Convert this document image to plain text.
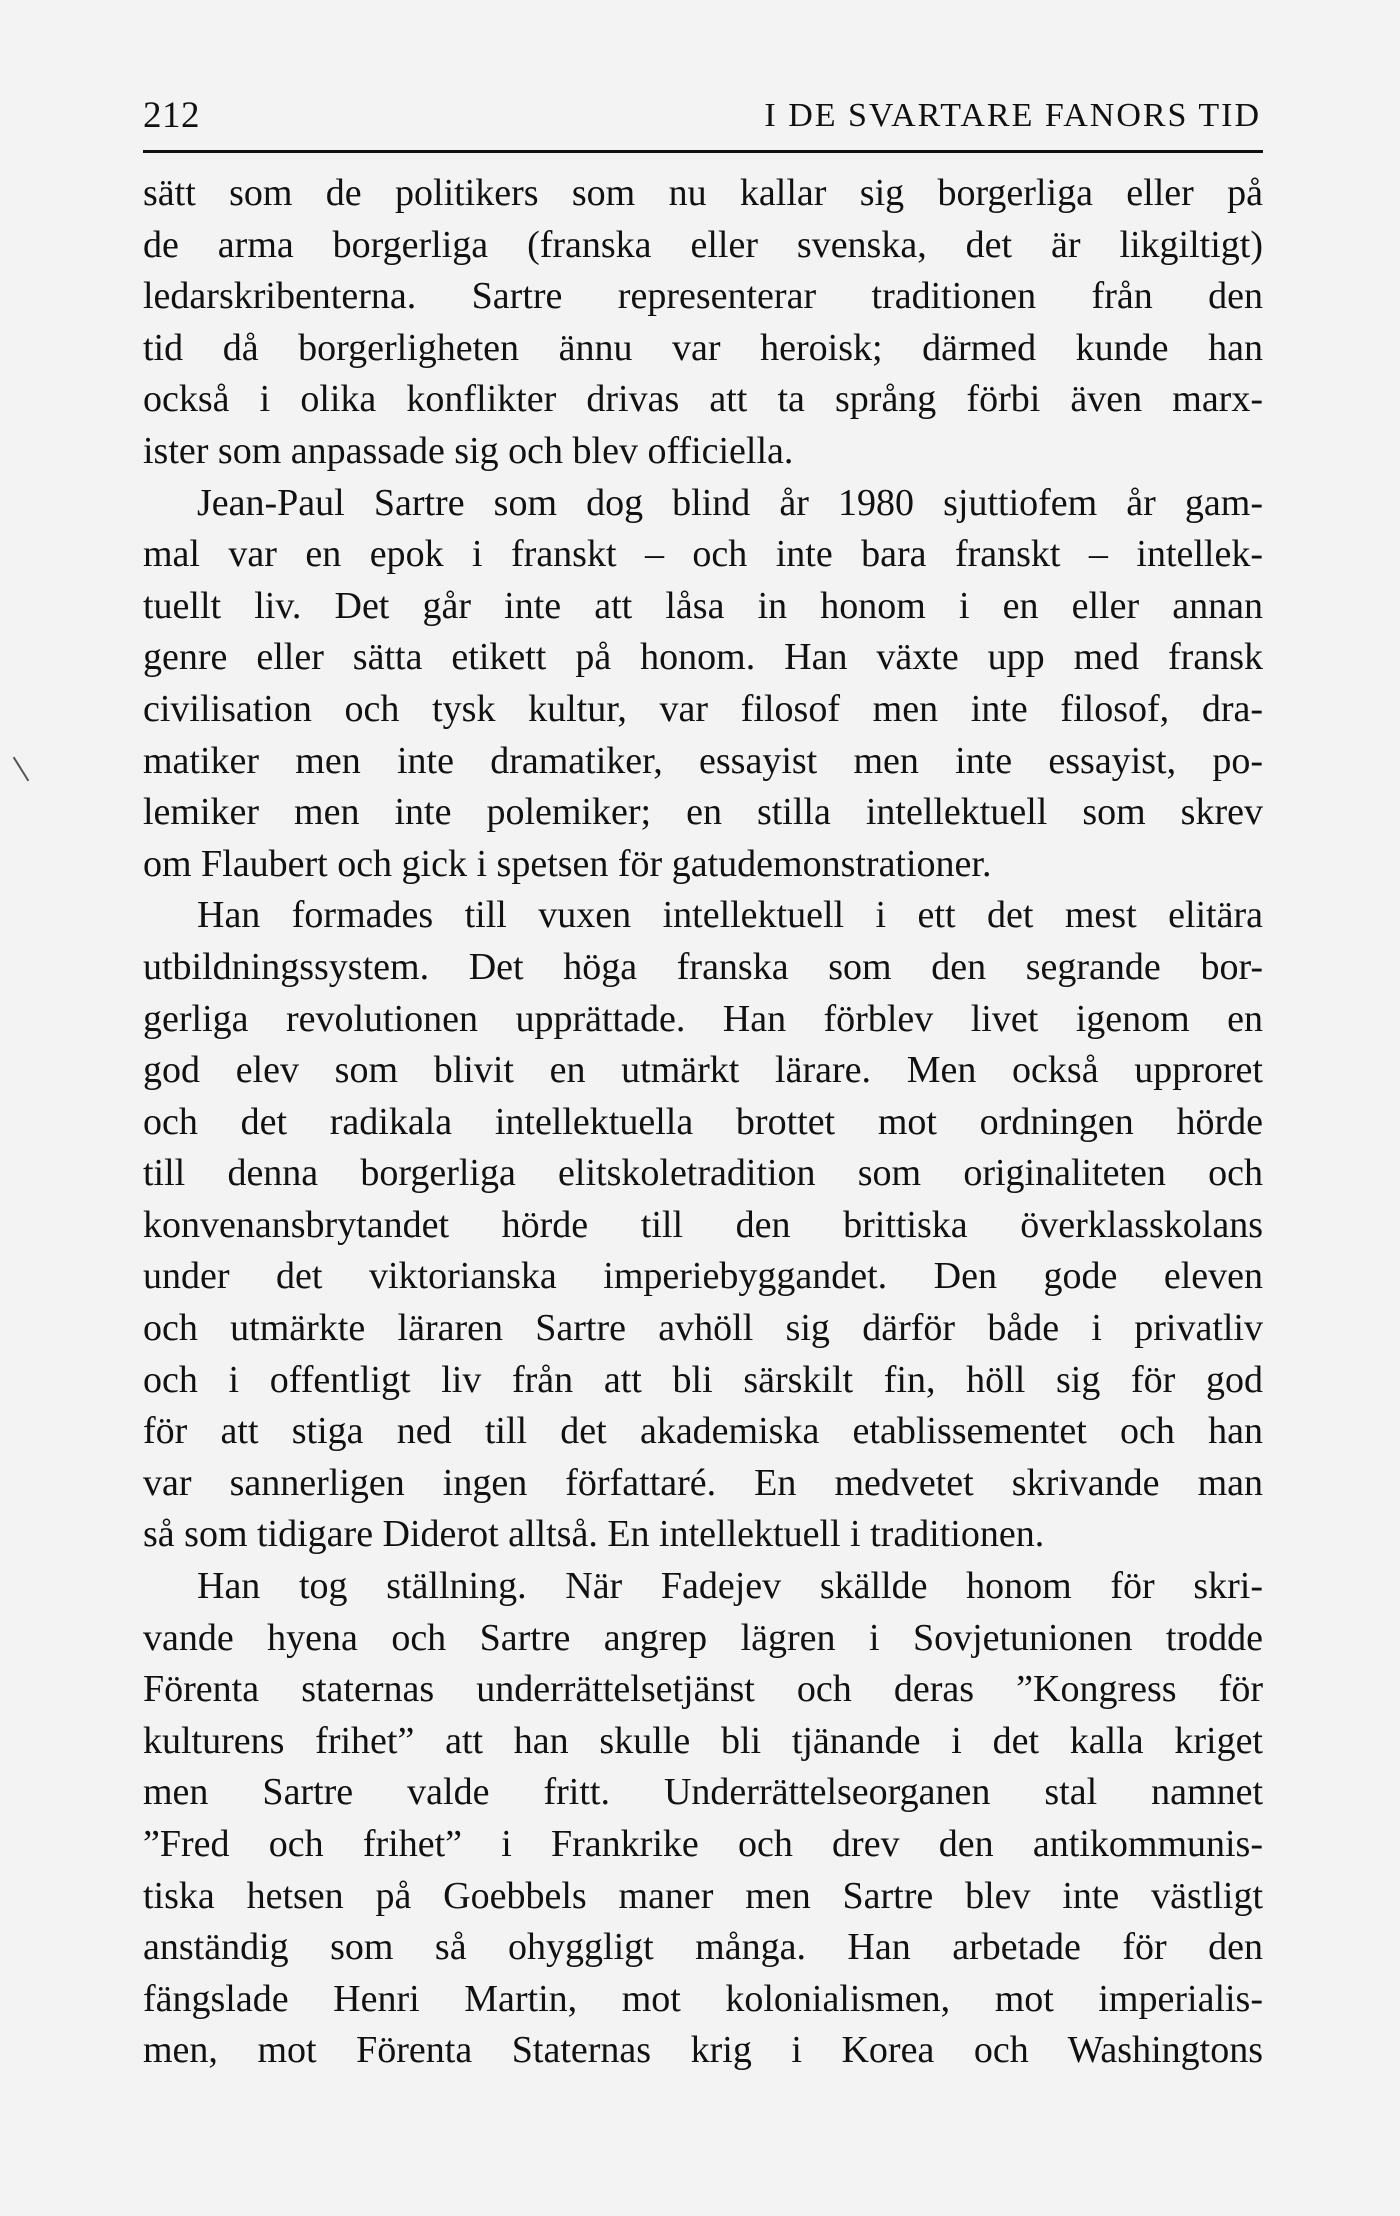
212	I DE SVARTARE FANORS TID
sätt som de politikers som nu kallar sig borgerliga eller på
de arma borgerliga (franska eller svenska, det är likgiltigt)
ledarskribenterna. Sartre representerar traditionen från den
tid då borgerligheten ännu var heroisk; därmed kunde han
också i olika konflikter drivas att ta språng förbi även marx-
ister som anpassade sig och blev officiella.
Jean-Paul Sartre som dog blind år 1980 sjuttiofem år gam-
mal var en epok i franskt – och inte bara franskt – intellek-
tuellt liv. Det går inte att låsa in honom i en eller annan
genre eller sätta etikett på honom. Han växte upp med fransk
civilisation och tysk kultur, var filosof men inte filosof, dra-
matiker men inte dramatiker, essayist men inte essayist, po-
lemiker men inte polemiker; en stilla intellektuell som skrev
om Flaubert och gick i spetsen för gatudemonstrationer.
Han formades till vuxen intellektuell i ett det mest elitära
utbildningssystem. Det höga franska som den segrande bor-
gerliga revolutionen upprättade. Han förblev livet igenom en
god elev som blivit en utmärkt lärare. Men också upproret
och det radikala intellektuella brottet mot ordningen hörde
till denna borgerliga elitskoletradition som originaliteten och
konvenansbrytandet hörde till den brittiska överklasskolans
under det viktorianska imperiebyggandet. Den gode eleven
och utmärkte läraren Sartre avhöll sig därför både i privatliv
och i offentligt liv från att bli särskilt fin, höll sig för god
för att stiga ned till det akademiska etablissementet och han
var sannerligen ingen författaré. En medvetet skrivande man
så som tidigare Diderot alltså. En intellektuell i traditionen.
Han tog ställning. När Fadejev skällde honom för skri-
vande hyena och Sartre angrep lägren i Sovjetunionen trodde
Förenta staternas underrättelsetjänst och deras ”Kongress för
kulturens frihet” att han skulle bli tjänande i det kalla kriget
men Sartre valde fritt. Underrättelseorganen stal namnet
”Fred och frihet” i Frankrike och drev den antikommunis-
tiska hetsen på Goebbels maner men Sartre blev inte västligt
anständig som så ohyggligt många. Han arbetade för den
fängslade Henri Martin, mot kolonialismen, mot imperialis-
men, mot Förenta Staternas krig i Korea och Washingtons
